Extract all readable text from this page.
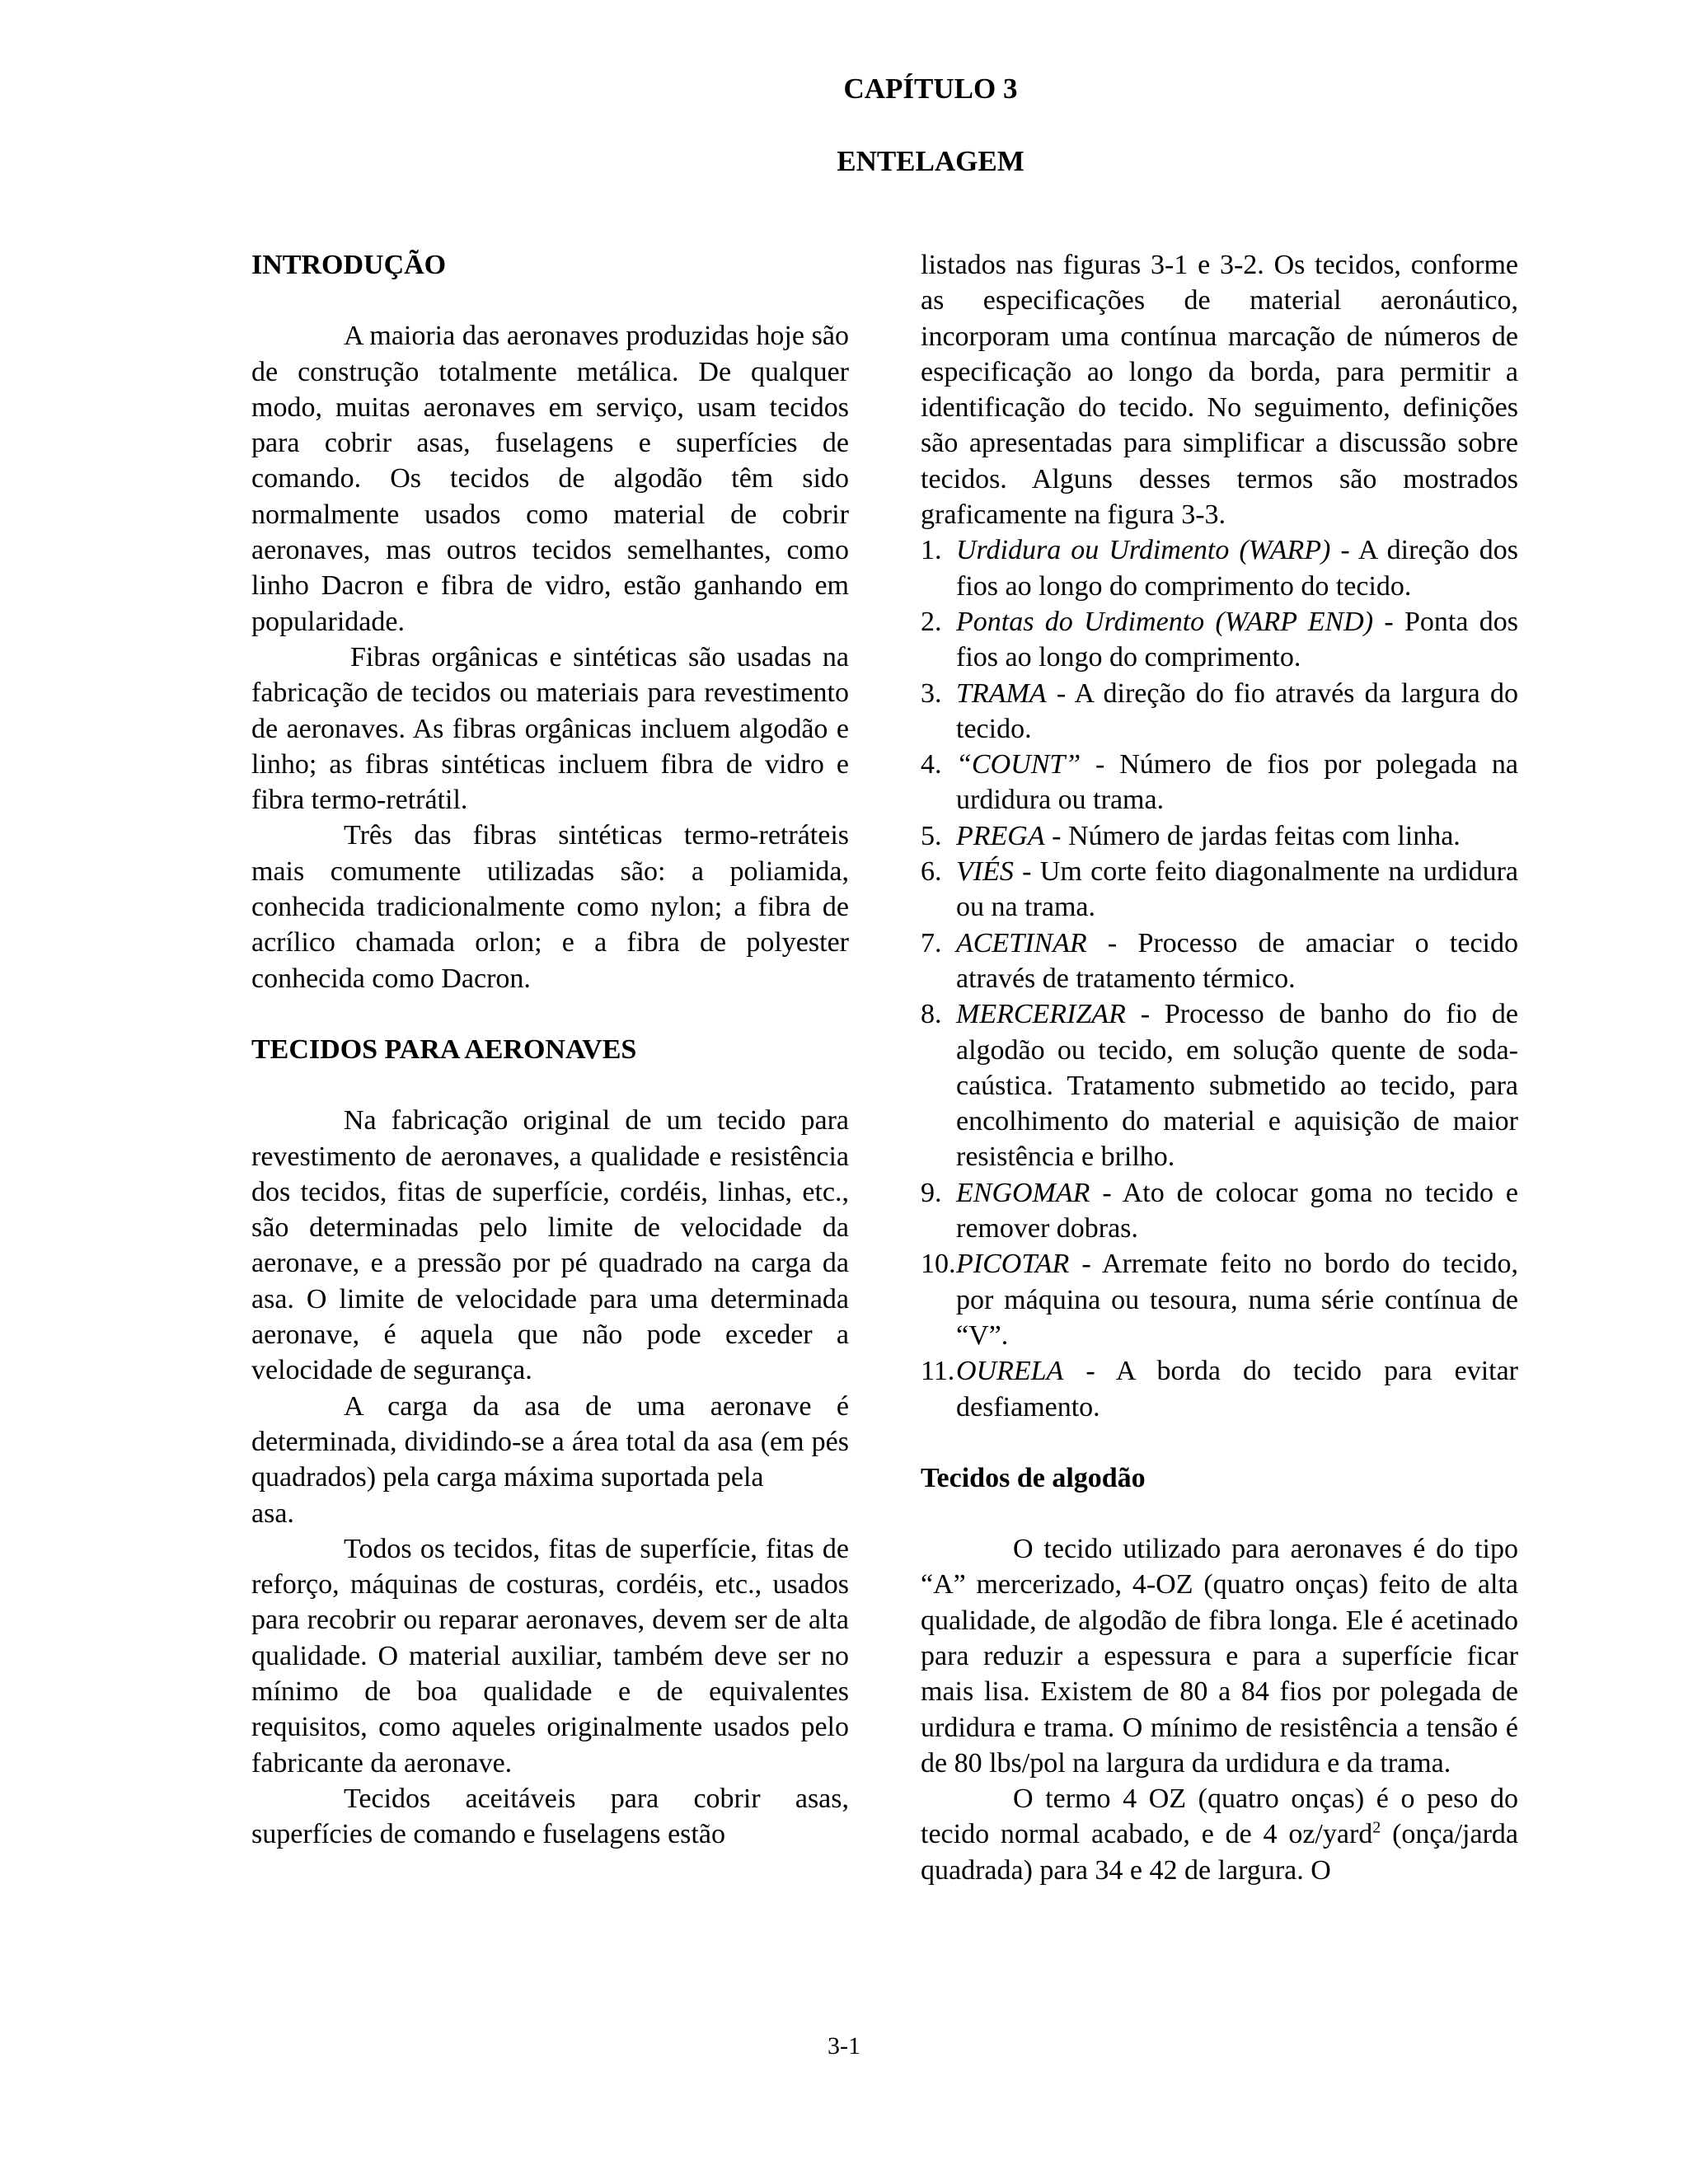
CAPÍTULO 3
ENTELAGEM

INTRODUÇÃO

A maioria das aeronaves produzidas hoje são de construção totalmente metálica. De qualquer modo, muitas aeronaves em serviço, usam tecidos para cobrir asas, fuselagens e superfícies de comando. Os tecidos de algodão têm sido normalmente usados como material de cobrir aeronaves, mas outros tecidos semelhantes, como linho Dacron e fibra de vidro, estão ganhando em popularidade.

Fibras orgânicas e sintéticas são usadas na fabricação de tecidos ou materiais para revestimento de aeronaves. As fibras orgânicas incluem algodão e linho; as fibras sintéticas incluem fibra de vidro e fibra termo-retrátil.

Três das fibras sintéticas termo-retráteis mais comumente utilizadas são: a poliamida, conhecida tradicionalmente como nylon; a fibra de acrílico chamada orlon; e a fibra de polyester conhecida como Dacron.

TECIDOS PARA AERONAVES

Na fabricação original de um tecido para revestimento de aeronaves, a qualidade e resistência dos tecidos, fitas de superfície, cordéis, linhas, etc., são determinadas pelo limite de velocidade da aeronave, e a pressão por pé quadrado na carga da asa. O limite de velocidade para uma determinada aeronave, é aquela que não pode exceder a velocidade de segurança.

A carga da asa de uma aeronave é determinada, dividindo-se a área total da asa (em pés quadrados) pela carga máxima suportada pela

asa.

Todos os tecidos, fitas de superfície, fitas de reforço, máquinas de costuras, cordéis, etc., usados para recobrir ou reparar aeronaves, devem ser de alta qualidade. O material auxiliar, também deve ser no mínimo de boa qualidade e de equivalentes requisitos, como aqueles originalmente usados pelo fabricante da aeronave.

Tecidos aceitáveis para cobrir asas, superfícies de comando e fuselagens estão

listados nas figuras 3-1 e 3-2. Os tecidos, conforme as especificações de material aeronáutico, incorporam uma contínua marcação de números de especificação ao longo da borda, para permitir a identificação do tecido. No seguimento, definições são apresentadas para simplificar a discussão sobre tecidos. Alguns desses termos são mostrados graficamente na figura 3-3.

1. Urdidura ou Urdimento (WARP) - A direção dos fios ao longo do comprimento do tecido.
2. Pontas do Urdimento (WARP END) - Ponta dos fios ao longo do comprimento.
3. TRAMA - A direção do fio através da largura do tecido.
4. “COUNT” - Número de fios por polegada na urdidura ou trama.
5. PREGA - Número de jardas feitas com linha.
6. VIÉS - Um corte feito diagonalmente na urdidura ou na trama.
7. ACETINAR - Processo de amaciar o tecido através de tratamento térmico.
8. MERCERIZAR - Processo de banho do fio de algodão ou tecido, em solução quente de soda-caústica. Tratamento submetido ao tecido, para encolhimento do material e aquisição de maior resistência e brilho.
9. ENGOMAR - Ato de colocar goma no tecido e remover dobras.
10. PICOTAR - Arremate feito no bordo do tecido, por máquina ou tesoura, numa série contínua de “V”.
11. OURELA - A borda do tecido para evitar desfiamento.

Tecidos de algodão

O tecido utilizado para aeronaves é do tipo “A” mercerizado, 4-OZ (quatro onças) feito de alta qualidade, de algodão de fibra longa. Ele é acetinado para reduzir a espessura e para a superfície ficar mais lisa. Existem de 80 a 84 fios por polegada de urdidura e trama. O mínimo de resistência a tensão é de 80 lbs/pol na largura da urdidura e da trama.

O termo 4 OZ (quatro onças) é o peso do tecido normal acabado, e de 4 oz/yard$^2$ (onça/jarda quadrada) para 34 e 42 de largura. O

3-1
